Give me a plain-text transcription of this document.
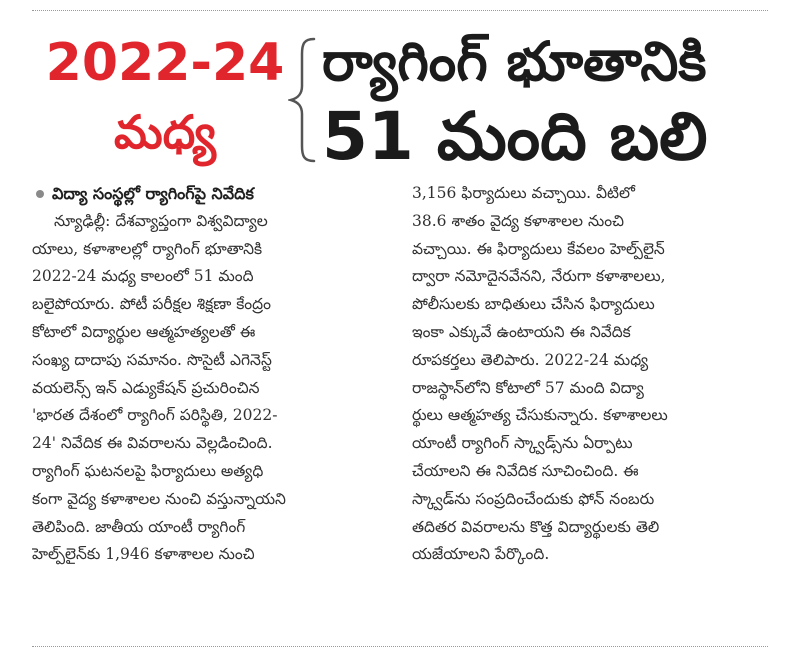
2022-24
మధ్య
ర్యాగింగ్ భూతానికి
51 మంది బలి
విద్యా సంస్థల్లో ర్యాగింగ్‌పై నివేదిక
న్యూఢిల్లీ: దేశవ్యాప్తంగా విశ్వవిద్యాల
యాలు, కళాశాలల్లో ర్యాగింగ్ భూతానికి
2022-24 మధ్య కాలంలో 51 మంది
బలైపోయారు. పోటీ పరీక్షల శిక్షణా కేంద్రం
కోటాలో విద్యార్థుల ఆత్మహత్యలతో ఈ
సంఖ్య దాదాపు సమానం. సొసైటీ ఎగెనెస్ట్
వయలెన్స్ ఇన్ ఎడ్యుకేషన్ ప్రచురించిన
'భారత దేశంలో ర్యాగింగ్ పరిస్థితి, 2022-
24' నివేదిక ఈ వివరాలను వెల్లడించింది.
ర్యాగింగ్ ఘటనలపై ఫిర్యాదులు అత్యధి
కంగా వైద్య కళాశాలల నుంచి వస్తున్నాయని
తెలిపింది. జాతీయ యాంటీ ర్యాగింగ్
హెల్ప్‌లైన్‌కు 1,946 కళాశాలల నుంచి
3,156 ఫిర్యాదులు వచ్చాయి. వీటిలో
38.6 శాతం వైద్య కళాశాలల నుంచి
వచ్చాయి. ఈ ఫిర్యాదులు కేవలం హెల్ప్‌లైన్
ద్వారా నమోదైనవేనని, నేరుగా కళాశాలలు,
పోలీసులకు బాధితులు చేసిన ఫిర్యాదులు
ఇంకా ఎక్కువే ఉంటాయని ఈ నివేదిక
రూపకర్తలు తెలిపారు. 2022-24 మధ్య
రాజస్థాన్‌లోని కోటాలో 57 మంది విద్యా
ర్థులు ఆత్మహత్య చేసుకున్నారు. కళాశాలలు
యాంటీ ర్యాగింగ్ స్క్వాడ్స్‌ను ఏర్పాటు
చేయాలని ఈ నివేదిక సూచించింది. ఈ
స్క్వాడ్‌ను సంప్రదించేందుకు ఫోన్ నంబరు
తదితర వివరాలను కొత్త విద్యార్థులకు తెలి
యజేయాలని పేర్కొంది.
